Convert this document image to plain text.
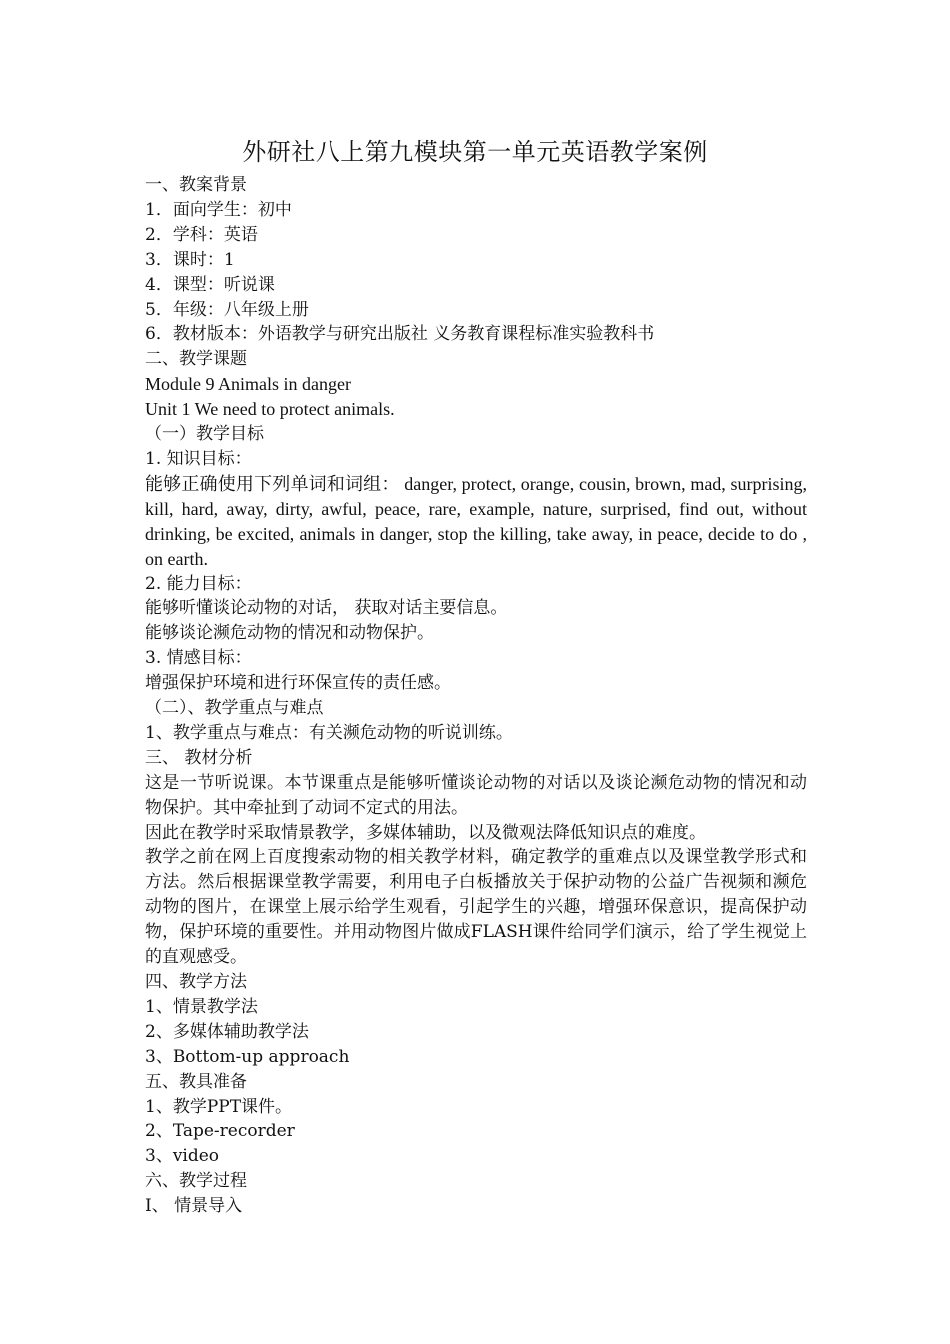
外研社八上第九模块第一单元英语教学案例
一、教案背景
1．面向学生：初中
2．学科：英语
3．课时：1
4．课型：听说课
5．年级：八年级上册
6．教材版本：外语教学与研究出版社 义务教育课程标准实验教科书
二、教学课题
Module 9 Animals in danger
Unit 1 We need to protect animals.
（一）教学目标
1. 知识目标：
能够正确使用下列单词和词组： danger, protect, orange, cousin, brown, mad, surprising, kill, hard, away, dirty, awful, peace, rare, example, nature, surprised, find out, without drinking, be excited, animals in danger, stop the killing, take away, in peace, decide to do , on earth.
2. 能力目标：
能够听懂谈论动物的对话， 获取对话主要信息。
能够谈论濒危动物的情况和动物保护。
3. 情感目标：
增强保护环境和进行环保宣传的责任感。
（二）、教学重点与难点
1、教学重点与难点：有关濒危动物的听说训练。
三、 教材分析
这是一节听说课。本节课重点是能够听懂谈论动物的对话以及谈论濒危动物的情况和动物保护。其中牵扯到了动词不定式的用法。
因此在教学时采取情景教学，多媒体辅助，以及微观法降低知识点的难度。
教学之前在网上百度搜索动物的相关教学材料，确定教学的重难点以及课堂教学形式和方法。然后根据课堂教学需要，利用电子白板播放关于保护动物的公益广告视频和濒危动物的图片，在课堂上展示给学生观看，引起学生的兴趣，增强环保意识，提高保护动物，保护环境的重要性。并用动物图片做成FLASH课件给同学们演示，给了学生视觉上的直观感受。
四、教学方法
1、情景教学法
2、多媒体辅助教学法
3、Bottom-up approach
五、教具准备
1、教学PPT课件。
2、Tape-recorder
3、video
六、教学过程
I、 情景导入
